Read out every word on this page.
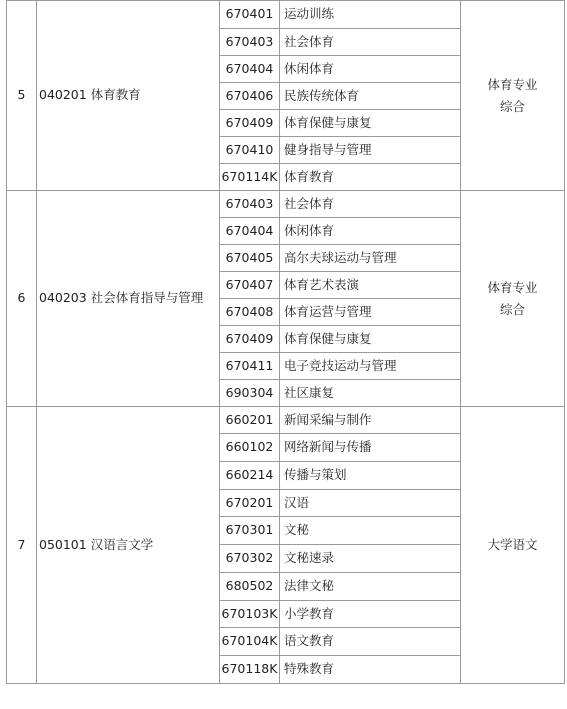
5	040201 体育教育	670401	运动训练	体育专业
综合

		670403	社会体育	
		670404	休闲体育	
		670406	民族传统体育	
		670409	体育保健与康复	
		670410	健身指导与管理	
		670114K	体育教育	
6	040203 社会体育指导与管理	670403	社会体育	体育专业
综合

		670404	休闲体育	
		670405	高尔夫球运动与管理	
		670407	体育艺术表演	
		670408	体育运营与管理	
		670409	体育保健与康复	
		670411	电子竞技运动与管理	
		690304	社区康复	
7	050101 汉语言文学	660201	新闻采编与制作	大学语文

		660102	网络新闻与传播	
		660214	传播与策划	
		670201	汉语	
		670301	文秘	
		670302	文秘速录	
		680502	法律文秘	
		670103K	小学教育	
		670104K	语文教育	
		670118K	特殊教育	
